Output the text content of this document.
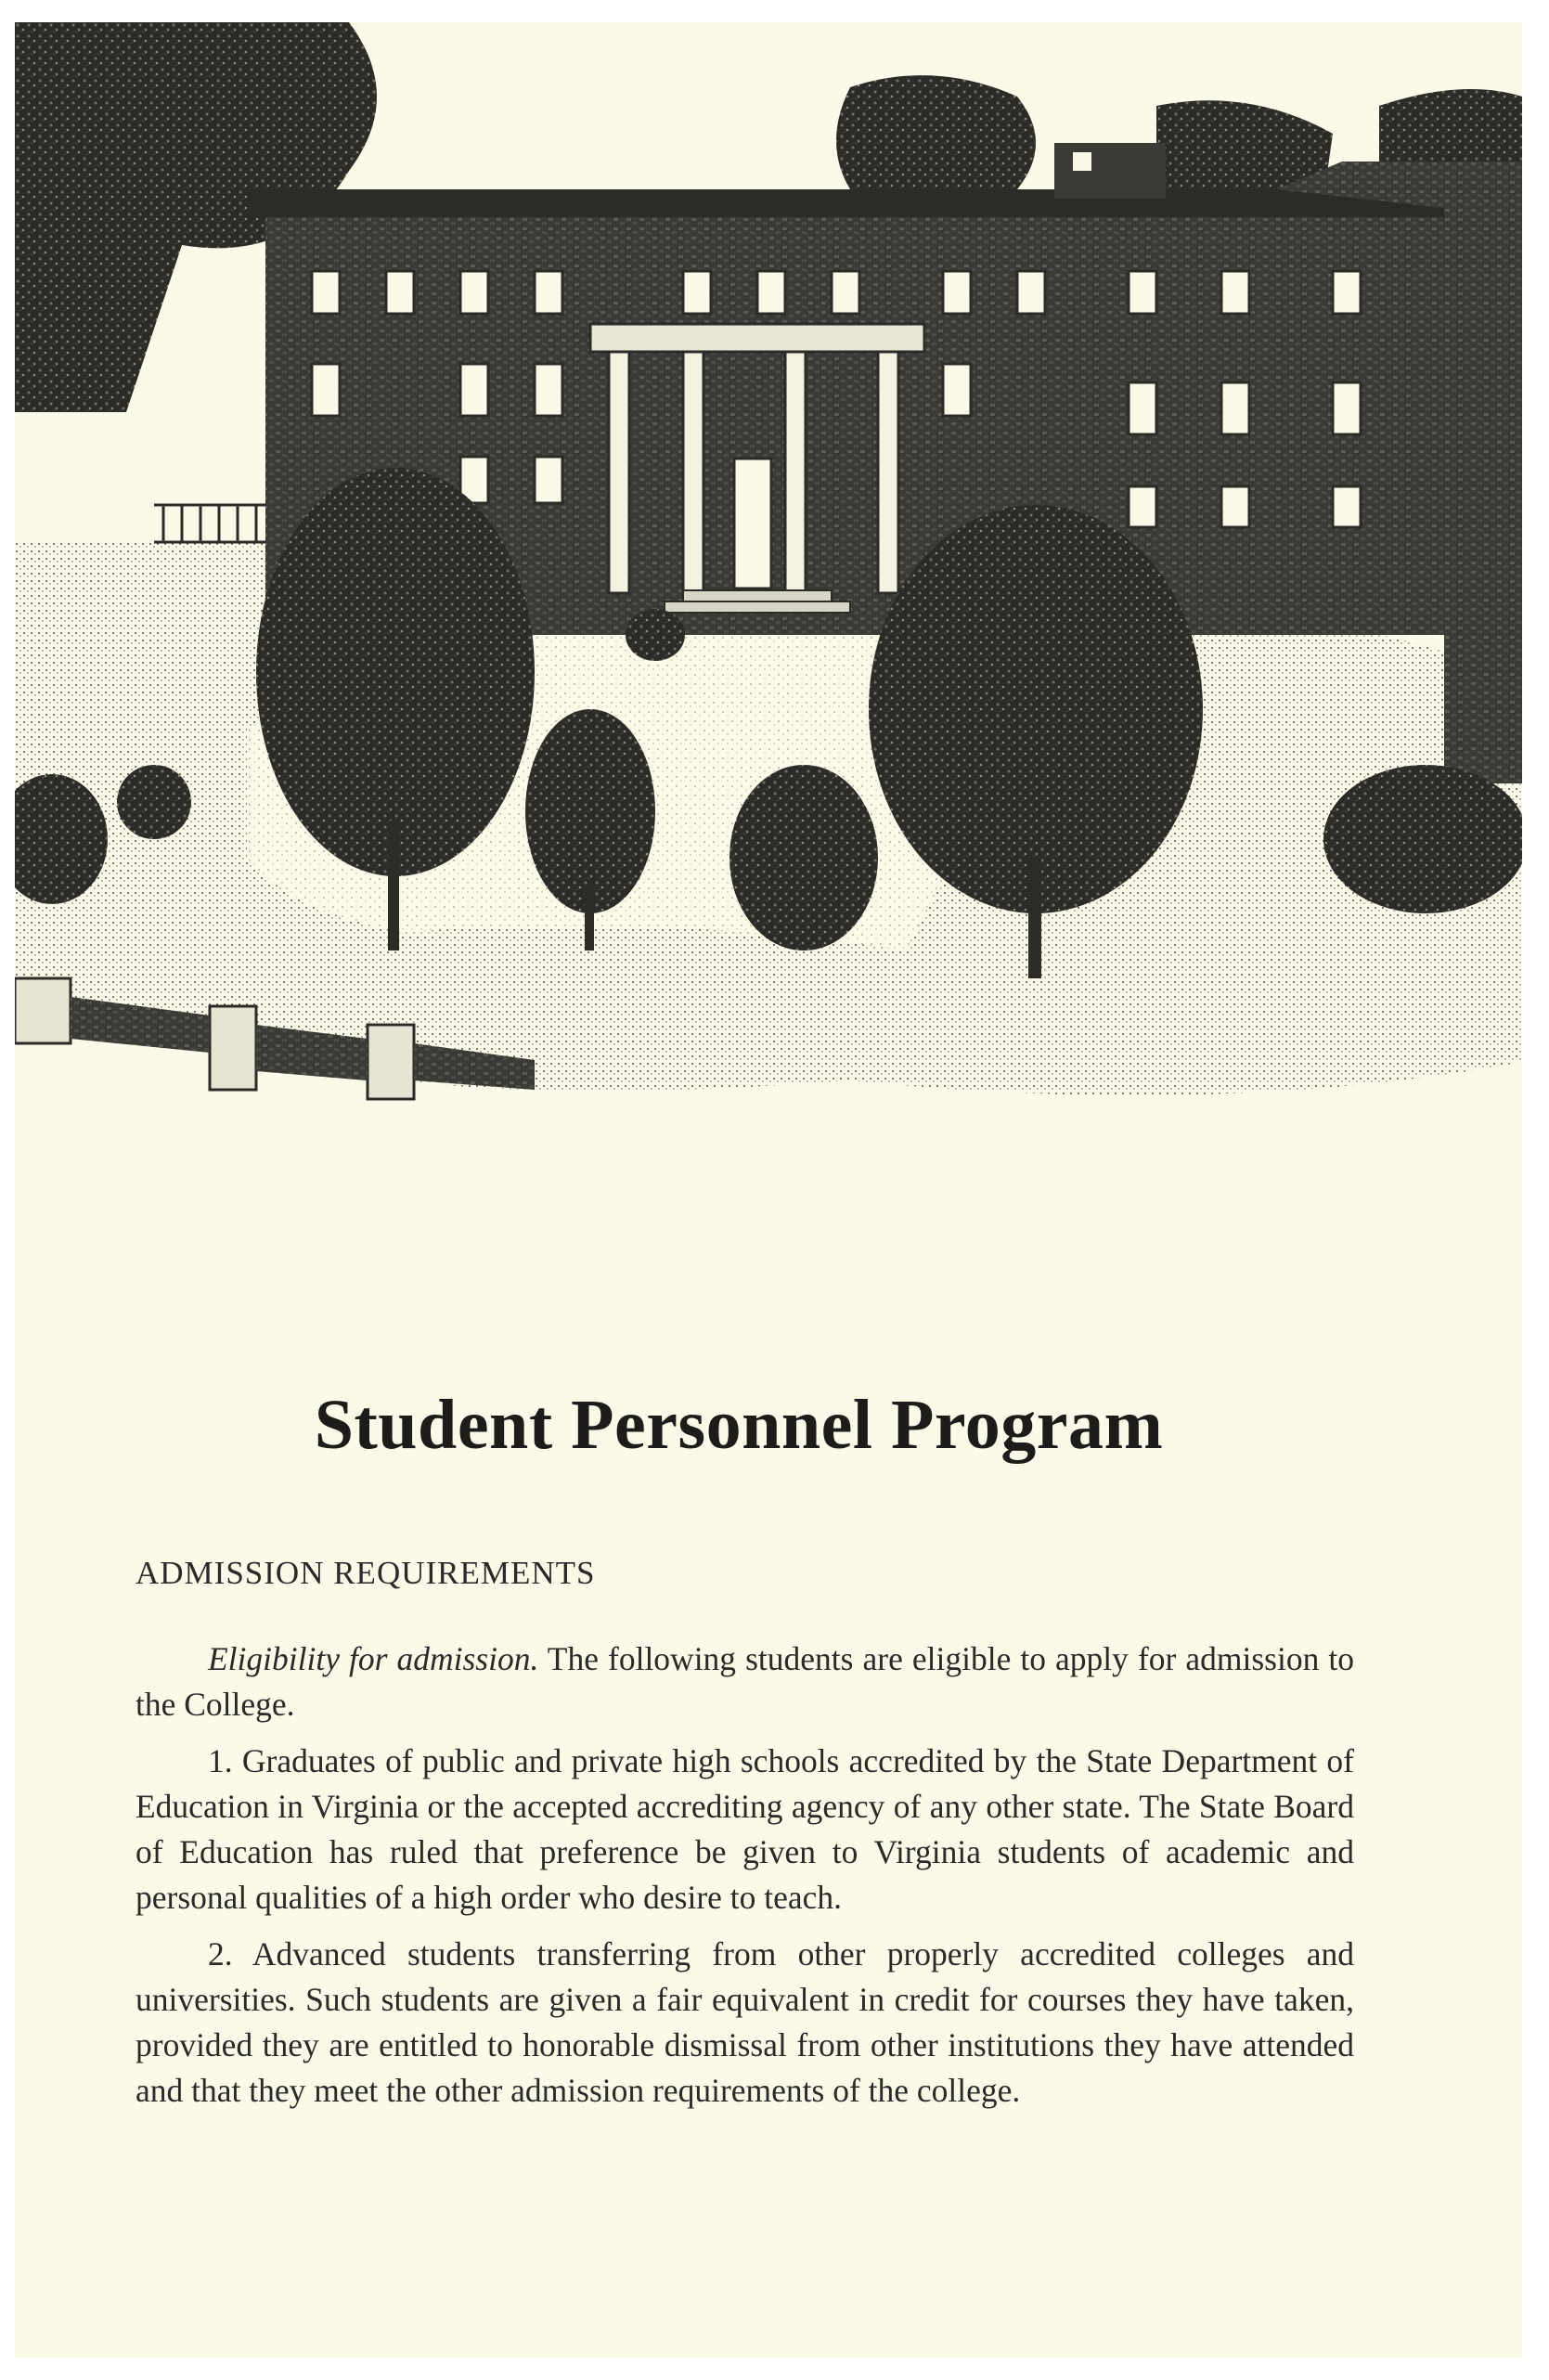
Student Personnel Program
ADMISSION REQUIREMENTS

Eligibility for admission. The following students are eligible to apply for admission to the College.

1. Graduates of public and private high schools accredited by the State Department of Education in Virginia or the accepted accrediting agency of any other state. The State Board of Education has ruled that preference be given to Virginia students of academic and personal qualities of a high order who desire to teach.

2. Advanced students transferring from other properly accredited colleges and universities. Such students are given a fair equivalent in credit for courses they have taken, provided they are entitled to honorable dismissal from other institutions they have attended and that they meet the other admission requirements of the college.
